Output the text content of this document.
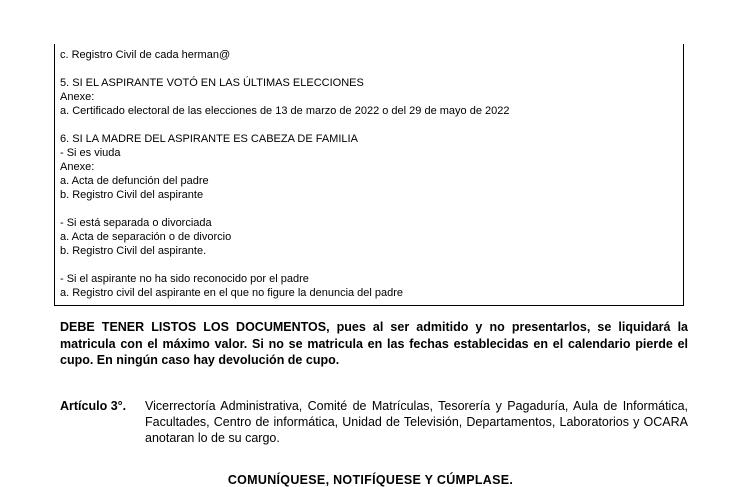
c. Registro Civil de cada herman@
5. SI EL ASPIRANTE VOTÓ EN LAS ÚLTIMAS ELECCIONES
Anexe:
a. Certificado electoral de las elecciones de 13 de marzo de 2022 o del 29 de mayo de 2022
6. SI LA MADRE DEL ASPIRANTE ES CABEZA DE FAMILIA
- Si es viuda
Anexe:
a. Acta de defunción del padre
b. Registro Civil del aspirante
- Si está separada o divorciada
a. Acta de separación o de divorcio
b. Registro Civil del aspirante.
- Si el aspirante no ha sido reconocido por el padre
a. Registro civil del aspirante en el que no figure la denuncia del padre
DEBE TENER LISTOS LOS DOCUMENTOS, pues al ser admitido y no presentarlos, se liquidará la matricula con el máximo valor. Si no se matricula en las fechas establecidas en el calendario pierde el cupo. En ningún caso hay devolución de cupo.
Artículo 3°.	Vicerrectoría Administrativa, Comité de Matrículas, Tesorería y Pagaduría, Aula de Informática, Facultades, Centro de informática, Unidad de Televisión, Departamentos, Laboratorios y OCARA anotaran lo de su cargo.
COMUNÍQUESE, NOTIFÍQUESE Y CÚMPLASE.
